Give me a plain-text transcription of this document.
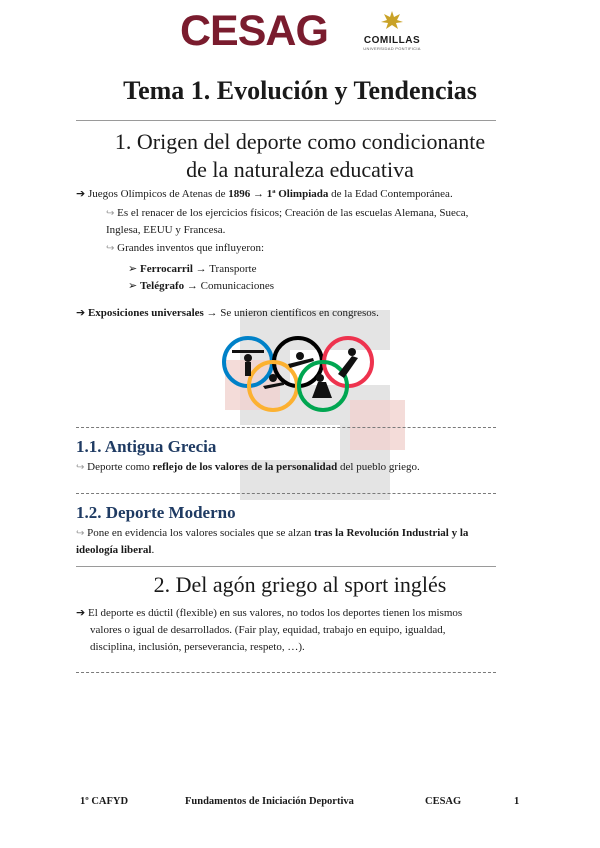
CESAG	COMILLAS
UNIVERSIDAD PONTIFICIA
Tema 1. Evolución y Tendencias
1. Origen del deporte como condicionante
de la naturaleza educativa
➔ Juegos Olímpicos de Atenas de 1896 → 1ª Olimpiada de la Edad Contemporánea.
↪ Es el renacer de los ejercicios físicos; Creación de las escuelas Alemana, Sueca,
Inglesa, EEUU y Francesa.
↪ Grandes inventos que influyeron:
➢ Ferrocarril → Transporte
➢ Telégrafo → Comunicaciones
➔ Exposiciones universales → Se unieron científicos en congresos.
1.1. Antigua Grecia
↪ Deporte como reflejo de los valores de la personalidad del pueblo griego.
1.2. Deporte Moderno
↪ Pone en evidencia los valores sociales que se alzan tras la Revolución Industrial y la
ideología liberal.
2. Del agón griego al sport inglés
➔ El deporte es dúctil (flexible) en sus valores, no todos los deportes tienen los mismos
valores o igual de desarrollados. (Fair play, equidad, trabajo en equipo, igualdad,
disciplina, inclusión, perseverancia, respeto, …).
1º CAFYD	Fundamentos de Iniciación Deportiva	CESAG	1
